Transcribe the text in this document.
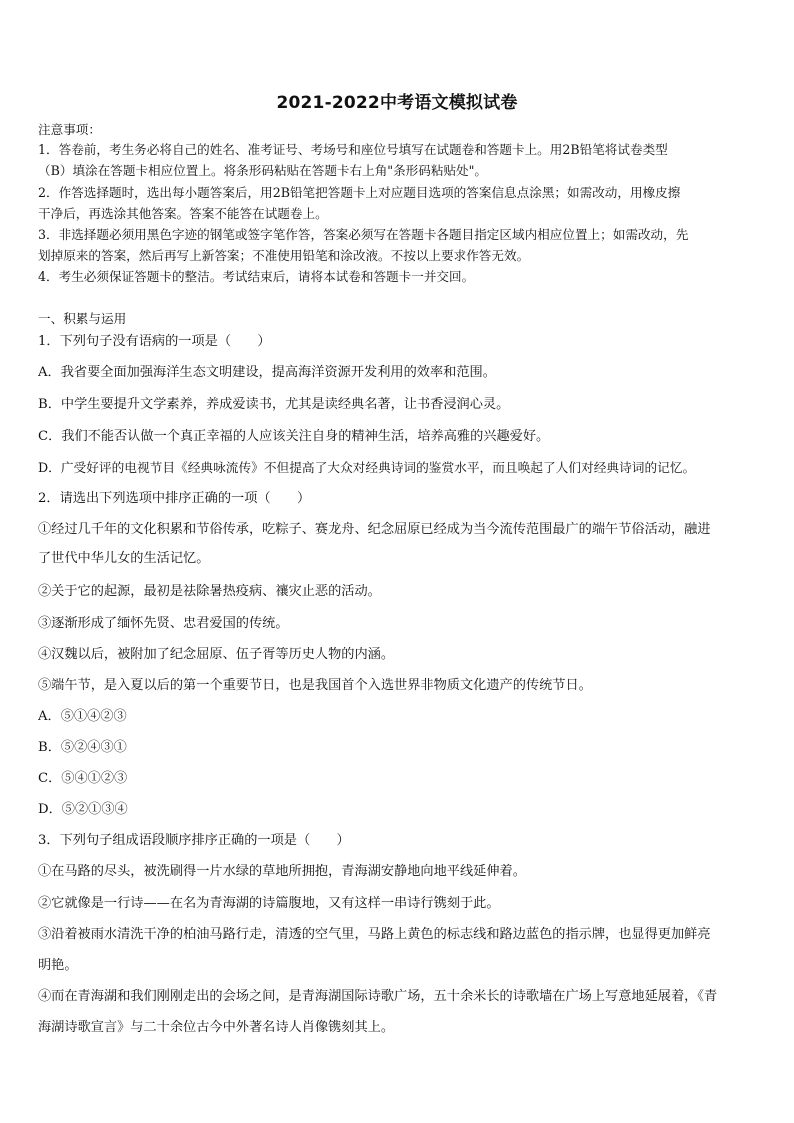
2021-2022中考语文模拟试卷
注意事项：
1．答卷前，考生务必将自己的姓名、准考证号、考场号和座位号填写在试题卷和答题卡上。用2B铅笔将试卷类型
（B）填涂在答题卡相应位置上。将条形码粘贴在答题卡右上角"条形码粘贴处"。
2．作答选择题时，选出每小题答案后，用2B铅笔把答题卡上对应题目选项的答案信息点涂黑；如需改动，用橡皮擦
干净后，再选涂其他答案。答案不能答在试题卷上。
3．非选择题必须用黑色字迹的钢笔或签字笔作答，答案必须写在答题卡各题目指定区域内相应位置上；如需改动，先
划掉原来的答案，然后再写上新答案；不准使用铅笔和涂改液。不按以上要求作答无效。
4．考生必须保证答题卡的整洁。考试结束后，请将本试卷和答题卡一并交回。
一、积累与运用
1．下列句子没有语病的一项是（　　）
A．我省要全面加强海洋生态文明建设，提高海洋资源开发利用的效率和范围。
B．中学生要提升文学素养，养成爱读书，尤其是读经典名著，让书香浸润心灵。
C．我们不能否认做一个真正幸福的人应该关注自身的精神生活，培养高雅的兴趣爱好。
D．广受好评的电视节目《经典咏流传》不但提高了大众对经典诗词的鉴赏水平，而且唤起了人们对经典诗词的记忆。
2．请选出下列选项中排序正确的一项（　　）
①经过几千年的文化积累和节俗传承，吃粽子、赛龙舟、纪念屈原已经成为当今流传范围最广的端午节俗活动，融进
了世代中华儿女的生活记忆。
②关于它的起源，最初是祛除暑热疫病、禳灾止恶的活动。
③逐渐形成了缅怀先贤、忠君爱国的传统。
④汉魏以后，被附加了纪念屈原、伍子胥等历史人物的内涵。
⑤端午节，是入夏以后的第一个重要节日，也是我国首个入选世界非物质文化遗产的传统节日。
A．⑤①④②③
B．⑤②④③①
C．⑤④①②③
D．⑤②①③④
3．下列句子组成语段顺序排序正确的一项是（　　）
①在马路的尽头，被洗刷得一片水绿的草地所拥抱，青海湖安静地向地平线延伸着。
②它就像是一行诗——在名为青海湖的诗篇腹地，又有这样一串诗行镌刻于此。
③沿着被雨水清洗干净的柏油马路行走，清透的空气里，马路上黄色的标志线和路边蓝色的指示牌，也显得更加鲜亮
明艳。
④而在青海湖和我们刚刚走出的会场之间，是青海湖国际诗歌广场，五十余米长的诗歌墙在广场上写意地延展着，《青
海湖诗歌宣言》与二十余位古今中外著名诗人肖像镌刻其上。
